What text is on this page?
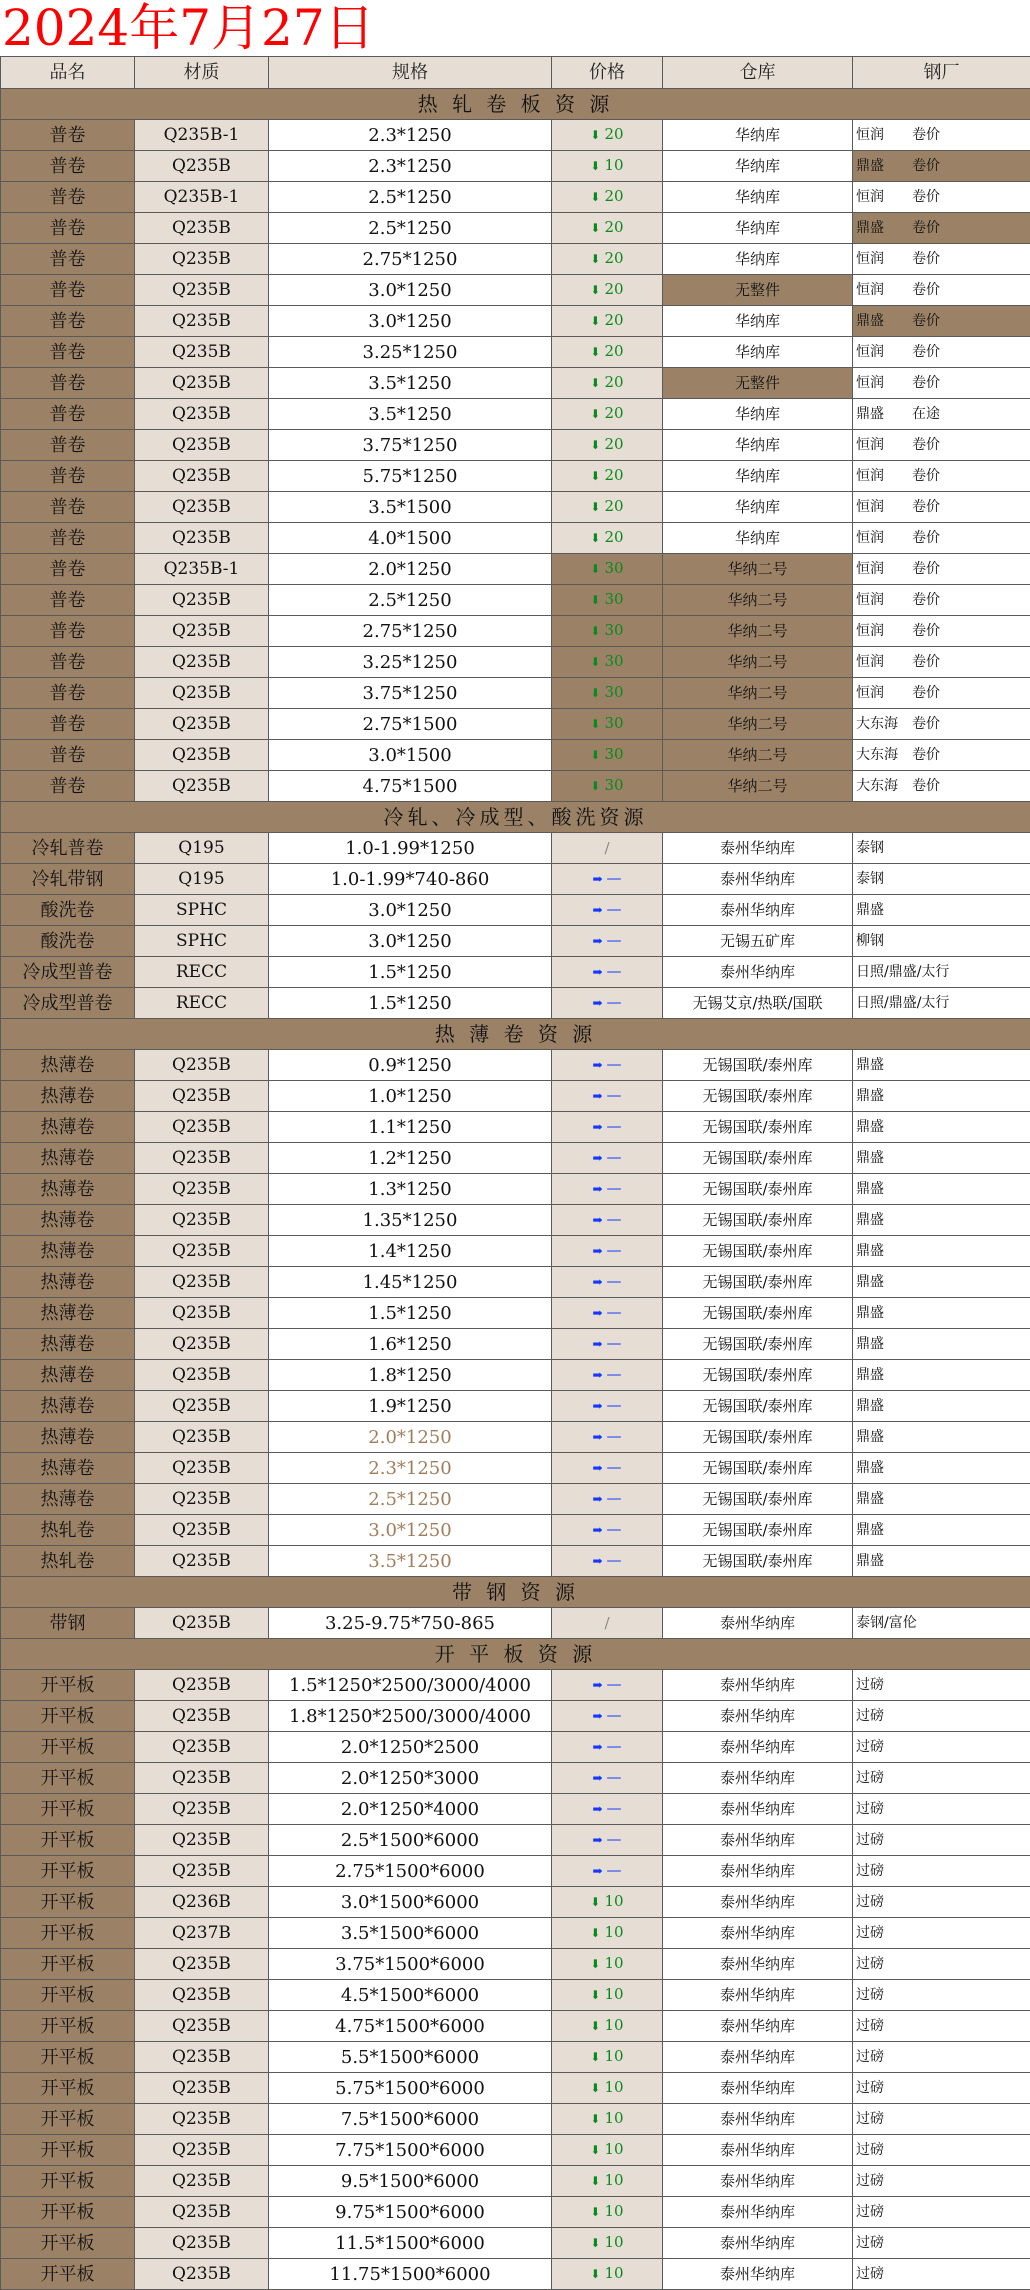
2024年7月27日
品名	材质	规格	价格	仓库	钢厂
热 轧 卷 板 资 源					
普卷	Q235B-1	2.3*1250	⬇ 20	华纳库	恒润　　卷价
普卷	Q235B	2.3*1250	⬇ 10	华纳库	鼎盛　　卷价
普卷	Q235B-1	2.5*1250	⬇ 20	华纳库	恒润　　卷价
普卷	Q235B	2.5*1250	⬇ 20	华纳库	鼎盛　　卷价
普卷	Q235B	2.75*1250	⬇ 20	华纳库	恒润　　卷价
普卷	Q235B	3.0*1250	⬇ 20	无整件	恒润　　卷价
普卷	Q235B	3.0*1250	⬇ 20	华纳库	鼎盛　　卷价
普卷	Q235B	3.25*1250	⬇ 20	华纳库	恒润　　卷价
普卷	Q235B	3.5*1250	⬇ 20	无整件	恒润　　卷价
普卷	Q235B	3.5*1250	⬇ 20	华纳库	鼎盛　　在途
普卷	Q235B	3.75*1250	⬇ 20	华纳库	恒润　　卷价
普卷	Q235B	5.75*1250	⬇ 20	华纳库	恒润　　卷价
普卷	Q235B	3.5*1500	⬇ 20	华纳库	恒润　　卷价
普卷	Q235B	4.0*1500	⬇ 20	华纳库	恒润　　卷价
普卷	Q235B-1	2.0*1250	⬇ 30	华纳二号	恒润　　卷价
普卷	Q235B	2.5*1250	⬇ 30	华纳二号	恒润　　卷价
普卷	Q235B	2.75*1250	⬇ 30	华纳二号	恒润　　卷价
普卷	Q235B	3.25*1250	⬇ 30	华纳二号	恒润　　卷价
普卷	Q235B	3.75*1250	⬇ 30	华纳二号	恒润　　卷价
普卷	Q235B	2.75*1500	⬇ 30	华纳二号	大东海　卷价
普卷	Q235B	3.0*1500	⬇ 30	华纳二号	大东海　卷价
普卷	Q235B	4.75*1500	⬇ 30	华纳二号	大东海　卷价
冷轧、冷成型、酸洗资源					
冷轧普卷	Q195	1.0-1.99*1250	/	泰州华纳库	泰钢
冷轧带钢	Q195	1.0-1.99*740-860	➡ —	泰州华纳库	泰钢
酸洗卷	SPHC	3.0*1250	➡ —	泰州华纳库	鼎盛
酸洗卷	SPHC	3.0*1250	➡ —	无锡五矿库	柳钢
冷成型普卷	RECC	1.5*1250	➡ —	泰州华纳库	日照/鼎盛/太行
冷成型普卷	RECC	1.5*1250	➡ —	无锡艾京/热联/国联	日照/鼎盛/太行
热 薄 卷 资 源					
热薄卷	Q235B	0.9*1250	➡ —	无锡国联/泰州库	鼎盛
热薄卷	Q235B	1.0*1250	➡ —	无锡国联/泰州库	鼎盛
热薄卷	Q235B	1.1*1250	➡ —	无锡国联/泰州库	鼎盛
热薄卷	Q235B	1.2*1250	➡ —	无锡国联/泰州库	鼎盛
热薄卷	Q235B	1.3*1250	➡ —	无锡国联/泰州库	鼎盛
热薄卷	Q235B	1.35*1250	➡ —	无锡国联/泰州库	鼎盛
热薄卷	Q235B	1.4*1250	➡ —	无锡国联/泰州库	鼎盛
热薄卷	Q235B	1.45*1250	➡ —	无锡国联/泰州库	鼎盛
热薄卷	Q235B	1.5*1250	➡ —	无锡国联/泰州库	鼎盛
热薄卷	Q235B	1.6*1250	➡ —	无锡国联/泰州库	鼎盛
热薄卷	Q235B	1.8*1250	➡ —	无锡国联/泰州库	鼎盛
热薄卷	Q235B	1.9*1250	➡ —	无锡国联/泰州库	鼎盛
热薄卷	Q235B	2.0*1250	➡ —	无锡国联/泰州库	鼎盛
热薄卷	Q235B	2.3*1250	➡ —	无锡国联/泰州库	鼎盛
热薄卷	Q235B	2.5*1250	➡ —	无锡国联/泰州库	鼎盛
热轧卷	Q235B	3.0*1250	➡ —	无锡国联/泰州库	鼎盛
热轧卷	Q235B	3.5*1250	➡ —	无锡国联/泰州库	鼎盛
带 钢 资 源					
带钢	Q235B	3.25-9.75*750-865	/	泰州华纳库	泰钢/富伦
开 平 板 资 源					
开平板	Q235B	1.5*1250*2500/3000/4000	➡ —	泰州华纳库	过磅
开平板	Q235B	1.8*1250*2500/3000/4000	➡ —	泰州华纳库	过磅
开平板	Q235B	2.0*1250*2500	➡ —	泰州华纳库	过磅
开平板	Q235B	2.0*1250*3000	➡ —	泰州华纳库	过磅
开平板	Q235B	2.0*1250*4000	➡ —	泰州华纳库	过磅
开平板	Q235B	2.5*1500*6000	➡ —	泰州华纳库	过磅
开平板	Q235B	2.75*1500*6000	➡ —	泰州华纳库	过磅
开平板	Q236B	3.0*1500*6000	⬇ 10	泰州华纳库	过磅
开平板	Q237B	3.5*1500*6000	⬇ 10	泰州华纳库	过磅
开平板	Q235B	3.75*1500*6000	⬇ 10	泰州华纳库	过磅
开平板	Q235B	4.5*1500*6000	⬇ 10	泰州华纳库	过磅
开平板	Q235B	4.75*1500*6000	⬇ 10	泰州华纳库	过磅
开平板	Q235B	5.5*1500*6000	⬇ 10	泰州华纳库	过磅
开平板	Q235B	5.75*1500*6000	⬇ 10	泰州华纳库	过磅
开平板	Q235B	7.5*1500*6000	⬇ 10	泰州华纳库	过磅
开平板	Q235B	7.75*1500*6000	⬇ 10	泰州华纳库	过磅
开平板	Q235B	9.5*1500*6000	⬇ 10	泰州华纳库	过磅
开平板	Q235B	9.75*1500*6000	⬇ 10	泰州华纳库	过磅
开平板	Q235B	11.5*1500*6000	⬇ 10	泰州华纳库	过磅
开平板	Q235B	11.75*1500*6000	⬇ 10	泰州华纳库	过磅
